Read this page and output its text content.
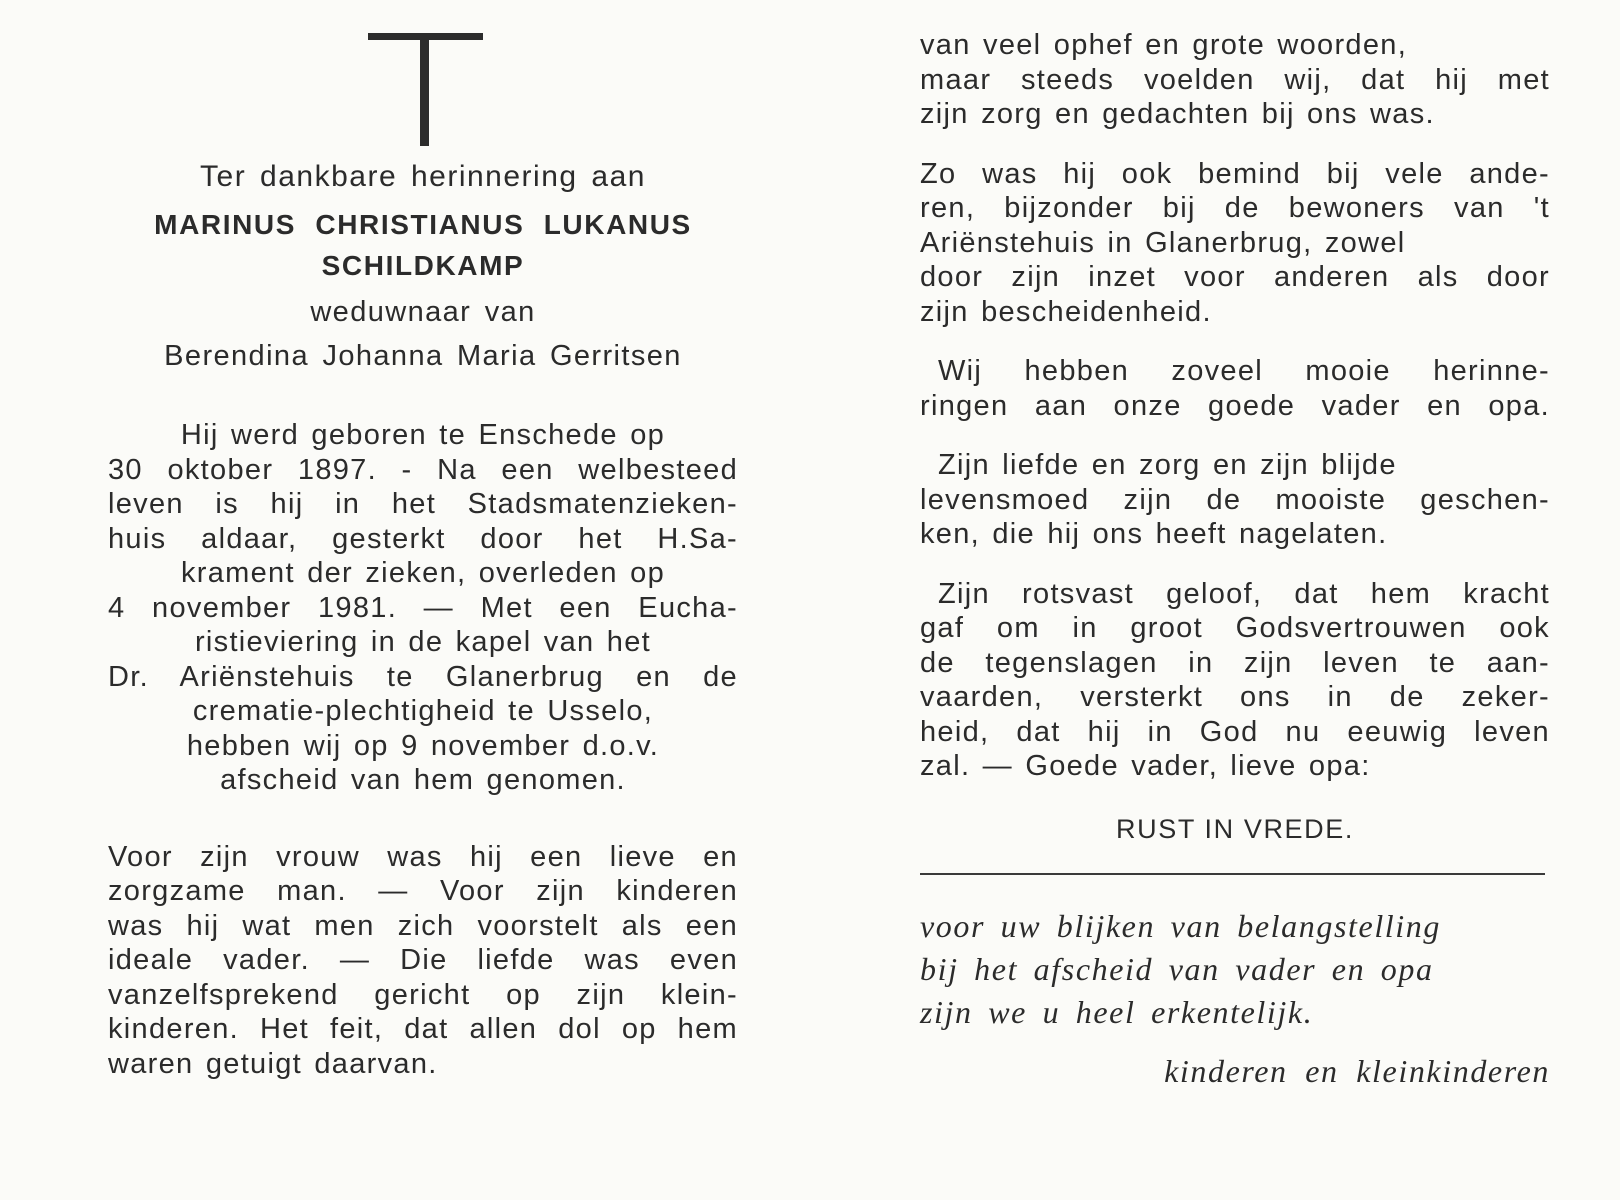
Ter dankbare herinnering aan
MARINUS CHRISTIANUS LUKANUS
SCHILDKAMP
weduwnaar van
Berendina Johanna Maria Gerritsen
Hij werd geboren te Enschede op
30 oktober 1897. - Na een welbesteed
leven is hij in het Stadsmatenzieken-
huis aldaar, gesterkt door het H.Sa-
krament der zieken, overleden op
4 november 1981. — Met een Eucha-
ristieviering in de kapel van het
Dr. Ariënstehuis te Glanerbrug en de
crematie-plechtigheid te Usselo,
hebben wij op 9 november d.o.v.
afscheid van hem genomen.
Voor zijn vrouw was hij een lieve en
zorgzame man. — Voor zijn kinderen
was hij wat men zich voorstelt als een
ideale vader. — Die liefde was even
vanzelfsprekend gericht op zijn klein-
kinderen. Het feit, dat allen dol op hem
waren getuigt daarvan.
van veel ophef en grote woorden,
maar steeds voelden wij, dat hij met
zijn zorg en gedachten bij ons was.
Zo was hij ook bemind bij vele ande-
ren, bijzonder bij de bewoners van 't
Ariënstehuis in Glanerbrug, zowel
door zijn inzet voor anderen als door
zijn bescheidenheid.
Wij hebben zoveel mooie herinne-
ringen aan onze goede vader en opa.
Zijn liefde en zorg en zijn blijde
levensmoed zijn de mooiste geschen-
ken, die hij ons heeft nagelaten.
Zijn rotsvast geloof, dat hem kracht
gaf om in groot Godsvertrouwen ook
de tegenslagen in zijn leven te aan-
vaarden, versterkt ons in de zeker-
heid, dat hij in God nu eeuwig leven
zal. — Goede vader, lieve opa:
RUST IN VREDE.
voor uw blijken van belangstelling
bij het afscheid van vader en opa
zijn we u heel erkentelijk.
kinderen en kleinkinderen
